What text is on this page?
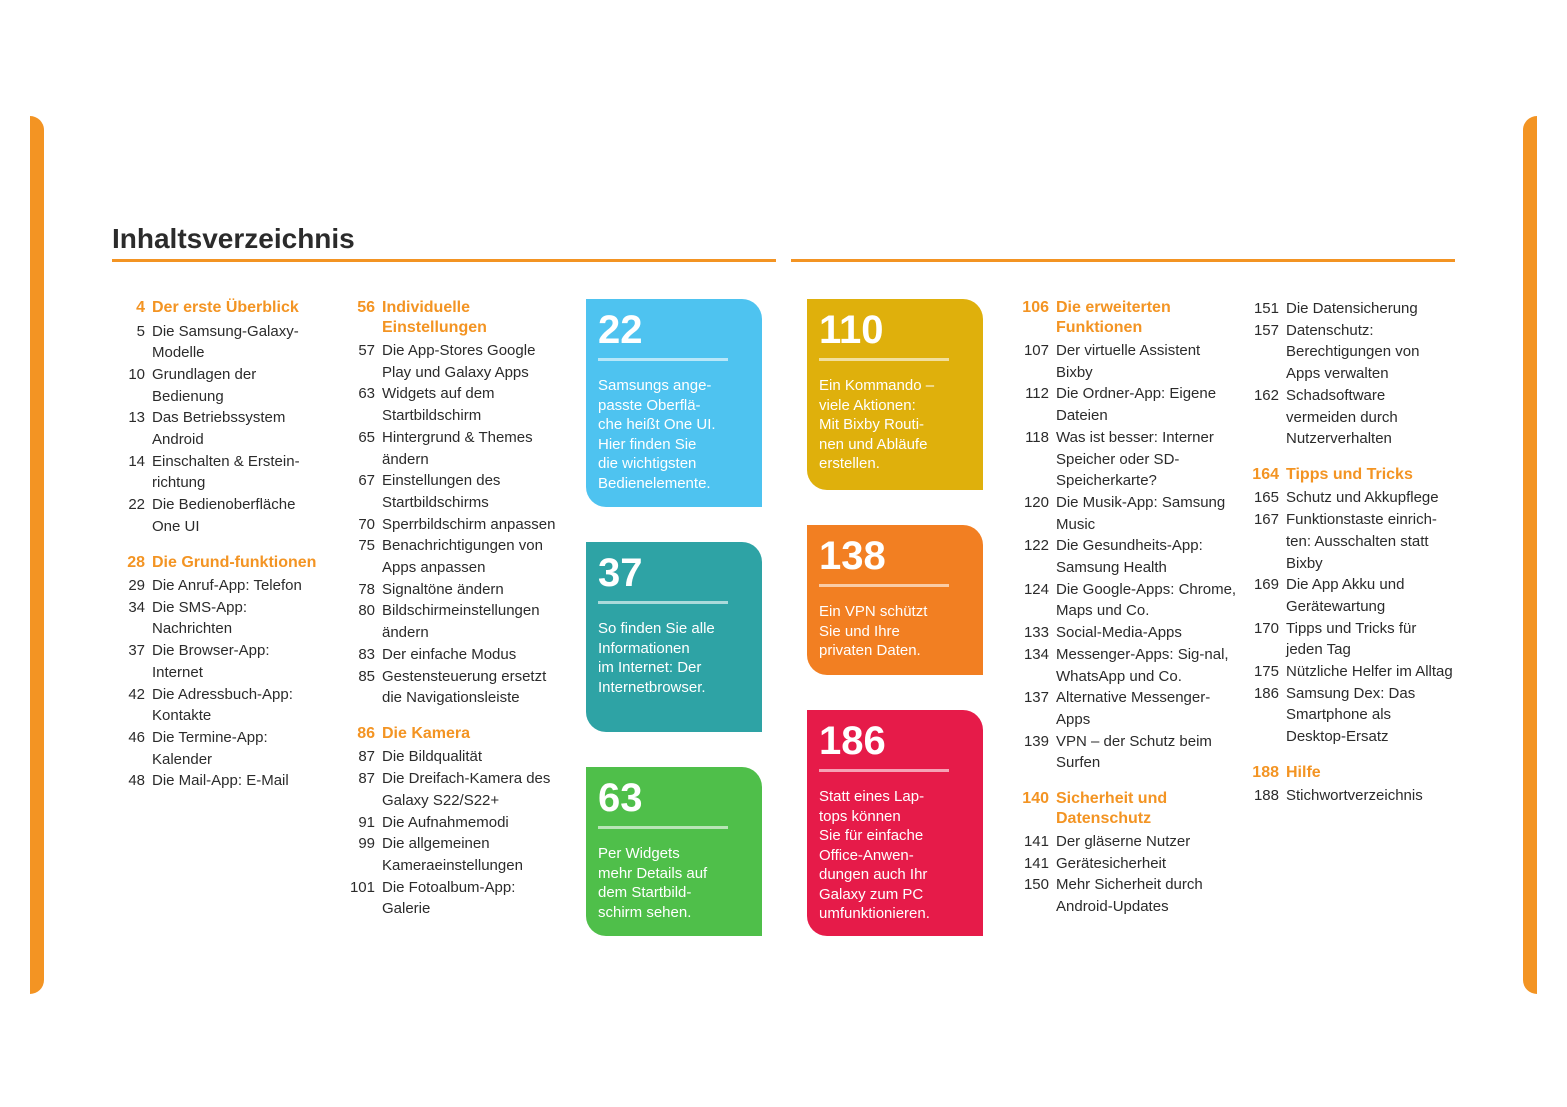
Inhaltsverzeichnis
4 Der erste Überblick
5 Die Samsung-Galaxy-Modelle
10 Grundlagen der Bedienung
13 Das Betriebssystem Android
14 Einschalten & Erstein-richtung
22 Die Bedienoberfläche One UI
28 Die Grund-funktionen
29 Die Anruf-App: Telefon
34 Die SMS-App: Nachrichten
37 Die Browser-App: Internet
42 Die Adressbuch-App: Kontakte
46 Die Termine-App: Kalender
48 Die Mail-App: E-Mail
56 Individuelle Einstellungen
57 Die App-Stores Google Play und Galaxy Apps
63 Widgets auf dem Startbildschirm
65 Hintergrund & Themes ändern
67 Einstellungen des Startbildschirms
70 Sperrbildschirm anpassen
75 Benachrichtigungen von Apps anpassen
78 Signaltöne ändern
80 Bildschirmeinstellungen ändern
83 Der einfache Modus
85 Gestensteuerung ersetzt die Navigationsleiste
86 Die Kamera
87 Die Bildqualität
87 Die Dreifach-Kamera des Galaxy S22/S22+
91 Die Aufnahmemodi
99 Die allgemeinen Kameraeinstellungen
101 Die Fotoalbum-App: Galerie
106 Die erweiterten Funktionen
107 Der virtuelle Assistent Bixby
112 Die Ordner-App: Eigene Dateien
118 Was ist besser: Interner Speicher oder SD-Speicherkarte?
120 Die Musik-App: Samsung Music
122 Die Gesundheits-App: Samsung Health
124 Die Google-Apps: Chrome, Maps und Co.
133 Social-Media-Apps
134 Messenger-Apps: Sig-nal, WhatsApp und Co.
137 Alternative Messenger-Apps
139 VPN – der Schutz beim Surfen
140 Sicherheit und Datenschutz
141 Der gläserne Nutzer
141 Gerätesicherheit
150 Mehr Sicherheit durch Android-Updates
151 Die Datensicherung
157 Datenschutz: Berechtigungen von Apps verwalten
162 Schadsoftware vermeiden durch Nutzerverhalten
164 Tipps und Tricks
165 Schutz und Akkupflege
167 Funktionstaste einrich-ten: Ausschalten statt Bixby
169 Die App Akku und Gerätewartung
170 Tipps und Tricks für jeden Tag
175 Nützliche Helfer im Alltag
186 Samsung Dex: Das Smartphone als Desktop-Ersatz
188 Hilfe
188 Stichwortverzeichnis
22
Samsungs ange-
passte Oberflä-
che heißt One UI.
Hier finden Sie
die wichtigsten
Bedienelemente.
37
So finden Sie alle
Informationen
im Internet: Der
Internetbrowser.
63
Per Widgets
mehr Details auf
dem Startbild-
schirm sehen.
110
Ein Kommando –
viele Aktionen:
Mit Bixby Routi-
nen und Abläufe
erstellen.
138
Ein VPN schützt
Sie und Ihre
privaten Daten.
186
Statt eines Lap-
tops können
Sie für einfache
Office-Anwen-
dungen auch Ihr
Galaxy zum PC
umfunktionieren.
